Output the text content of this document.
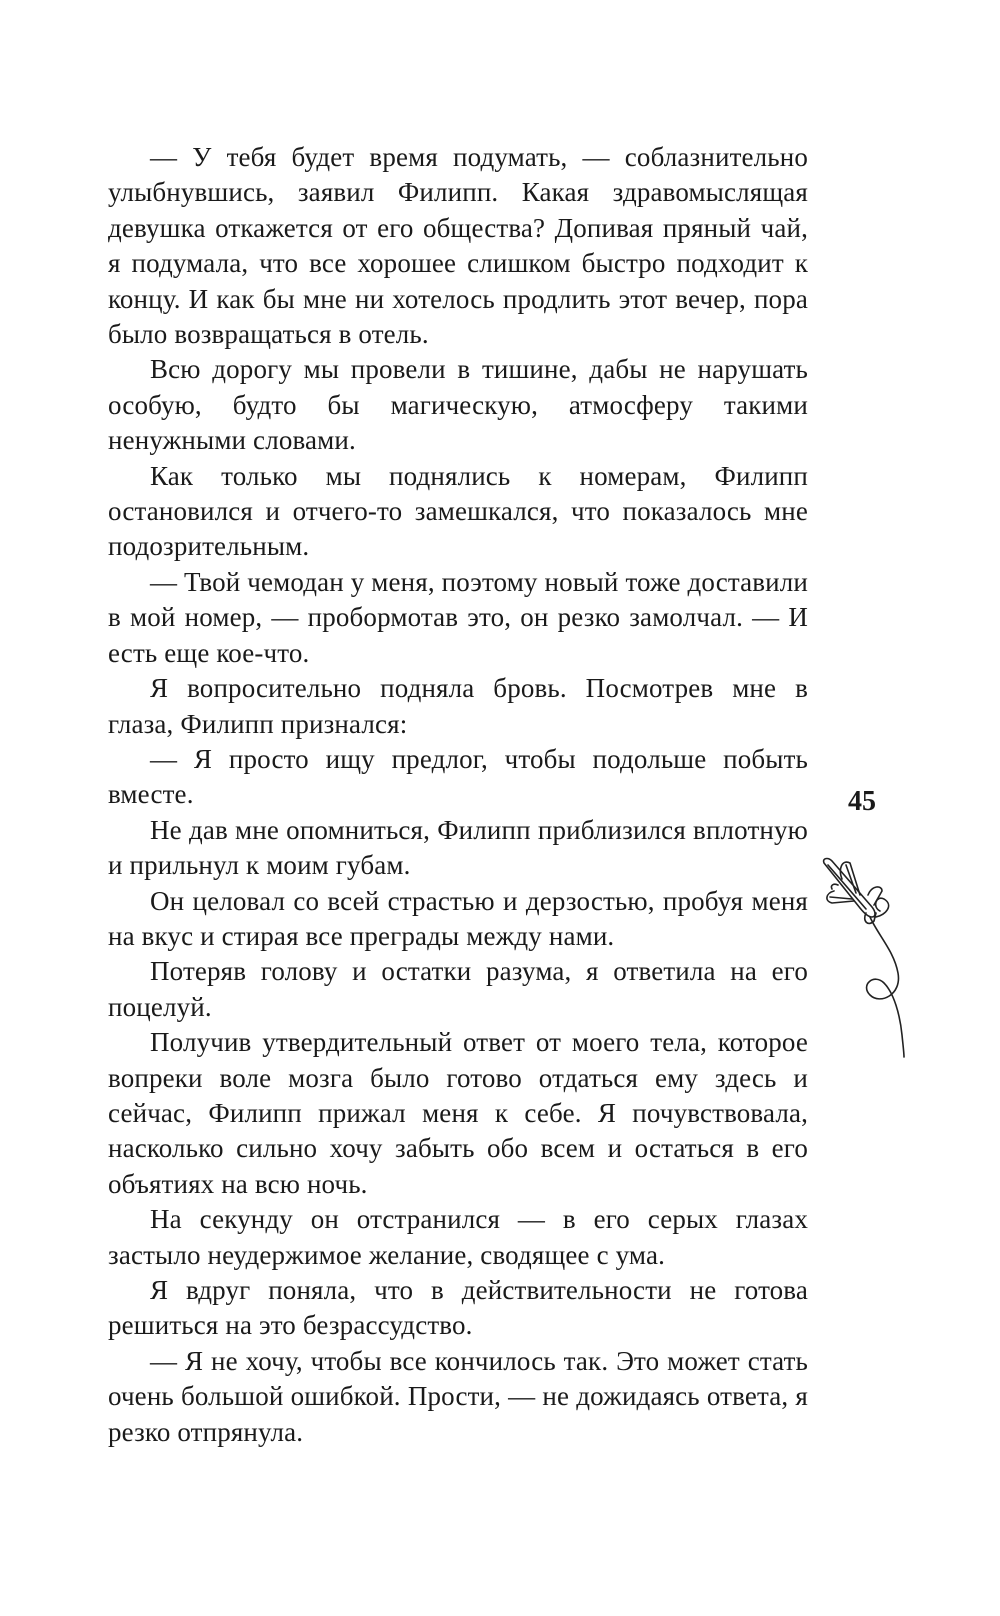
— У тебя будет время подумать, — соблазнительно улыбнувшись, заявил Филипп. Какая здравомыслящая девушка откажется от его общества? Допивая пряный чай, я подумала, что все хорошее слишком быстро подходит к концу. И как бы мне ни хотелось продлить этот вечер, пора было возвращаться в отель.

Всю дорогу мы провели в тишине, дабы не нарушать особую, будто бы магическую, атмосферу такими ненужными словами.

Как только мы поднялись к номерам, Филипп остановился и отчего-то замешкался, что показалось мне подозрительным.

— Твой чемодан у меня, поэтому новый тоже доставили в мой номер, — пробормотав это, он резко замолчал. — И есть еще кое-что.

Я вопросительно подняла бровь. Посмотрев мне в глаза, Филипп признался:

— Я просто ищу предлог, чтобы подольше побыть вместе.

Не дав мне опомниться, Филипп приблизился вплотную и прильнул к моим губам.

Он целовал со всей страстью и дерзостью, пробуя меня на вкус и стирая все преграды между нами.

Потеряв голову и остатки разума, я ответила на его поцелуй.

Получив утвердительный ответ от моего тела, которое вопреки воле мозга было готово отдаться ему здесь и сейчас, Филипп прижал меня к себе. Я почувствовала, насколько сильно хочу забыть обо всем и остаться в его объятиях на всю ночь.

На секунду он отстранился — в его серых глазах застыло неудержимое желание, сводящее с ума.

Я вдруг поняла, что в действительности не готова решиться на это безрассудство.

— Я не хочу, чтобы все кончилось так. Это может стать очень большой ошибкой. Прости, — не дожидаясь ответа, я резко отпрянула.

45
